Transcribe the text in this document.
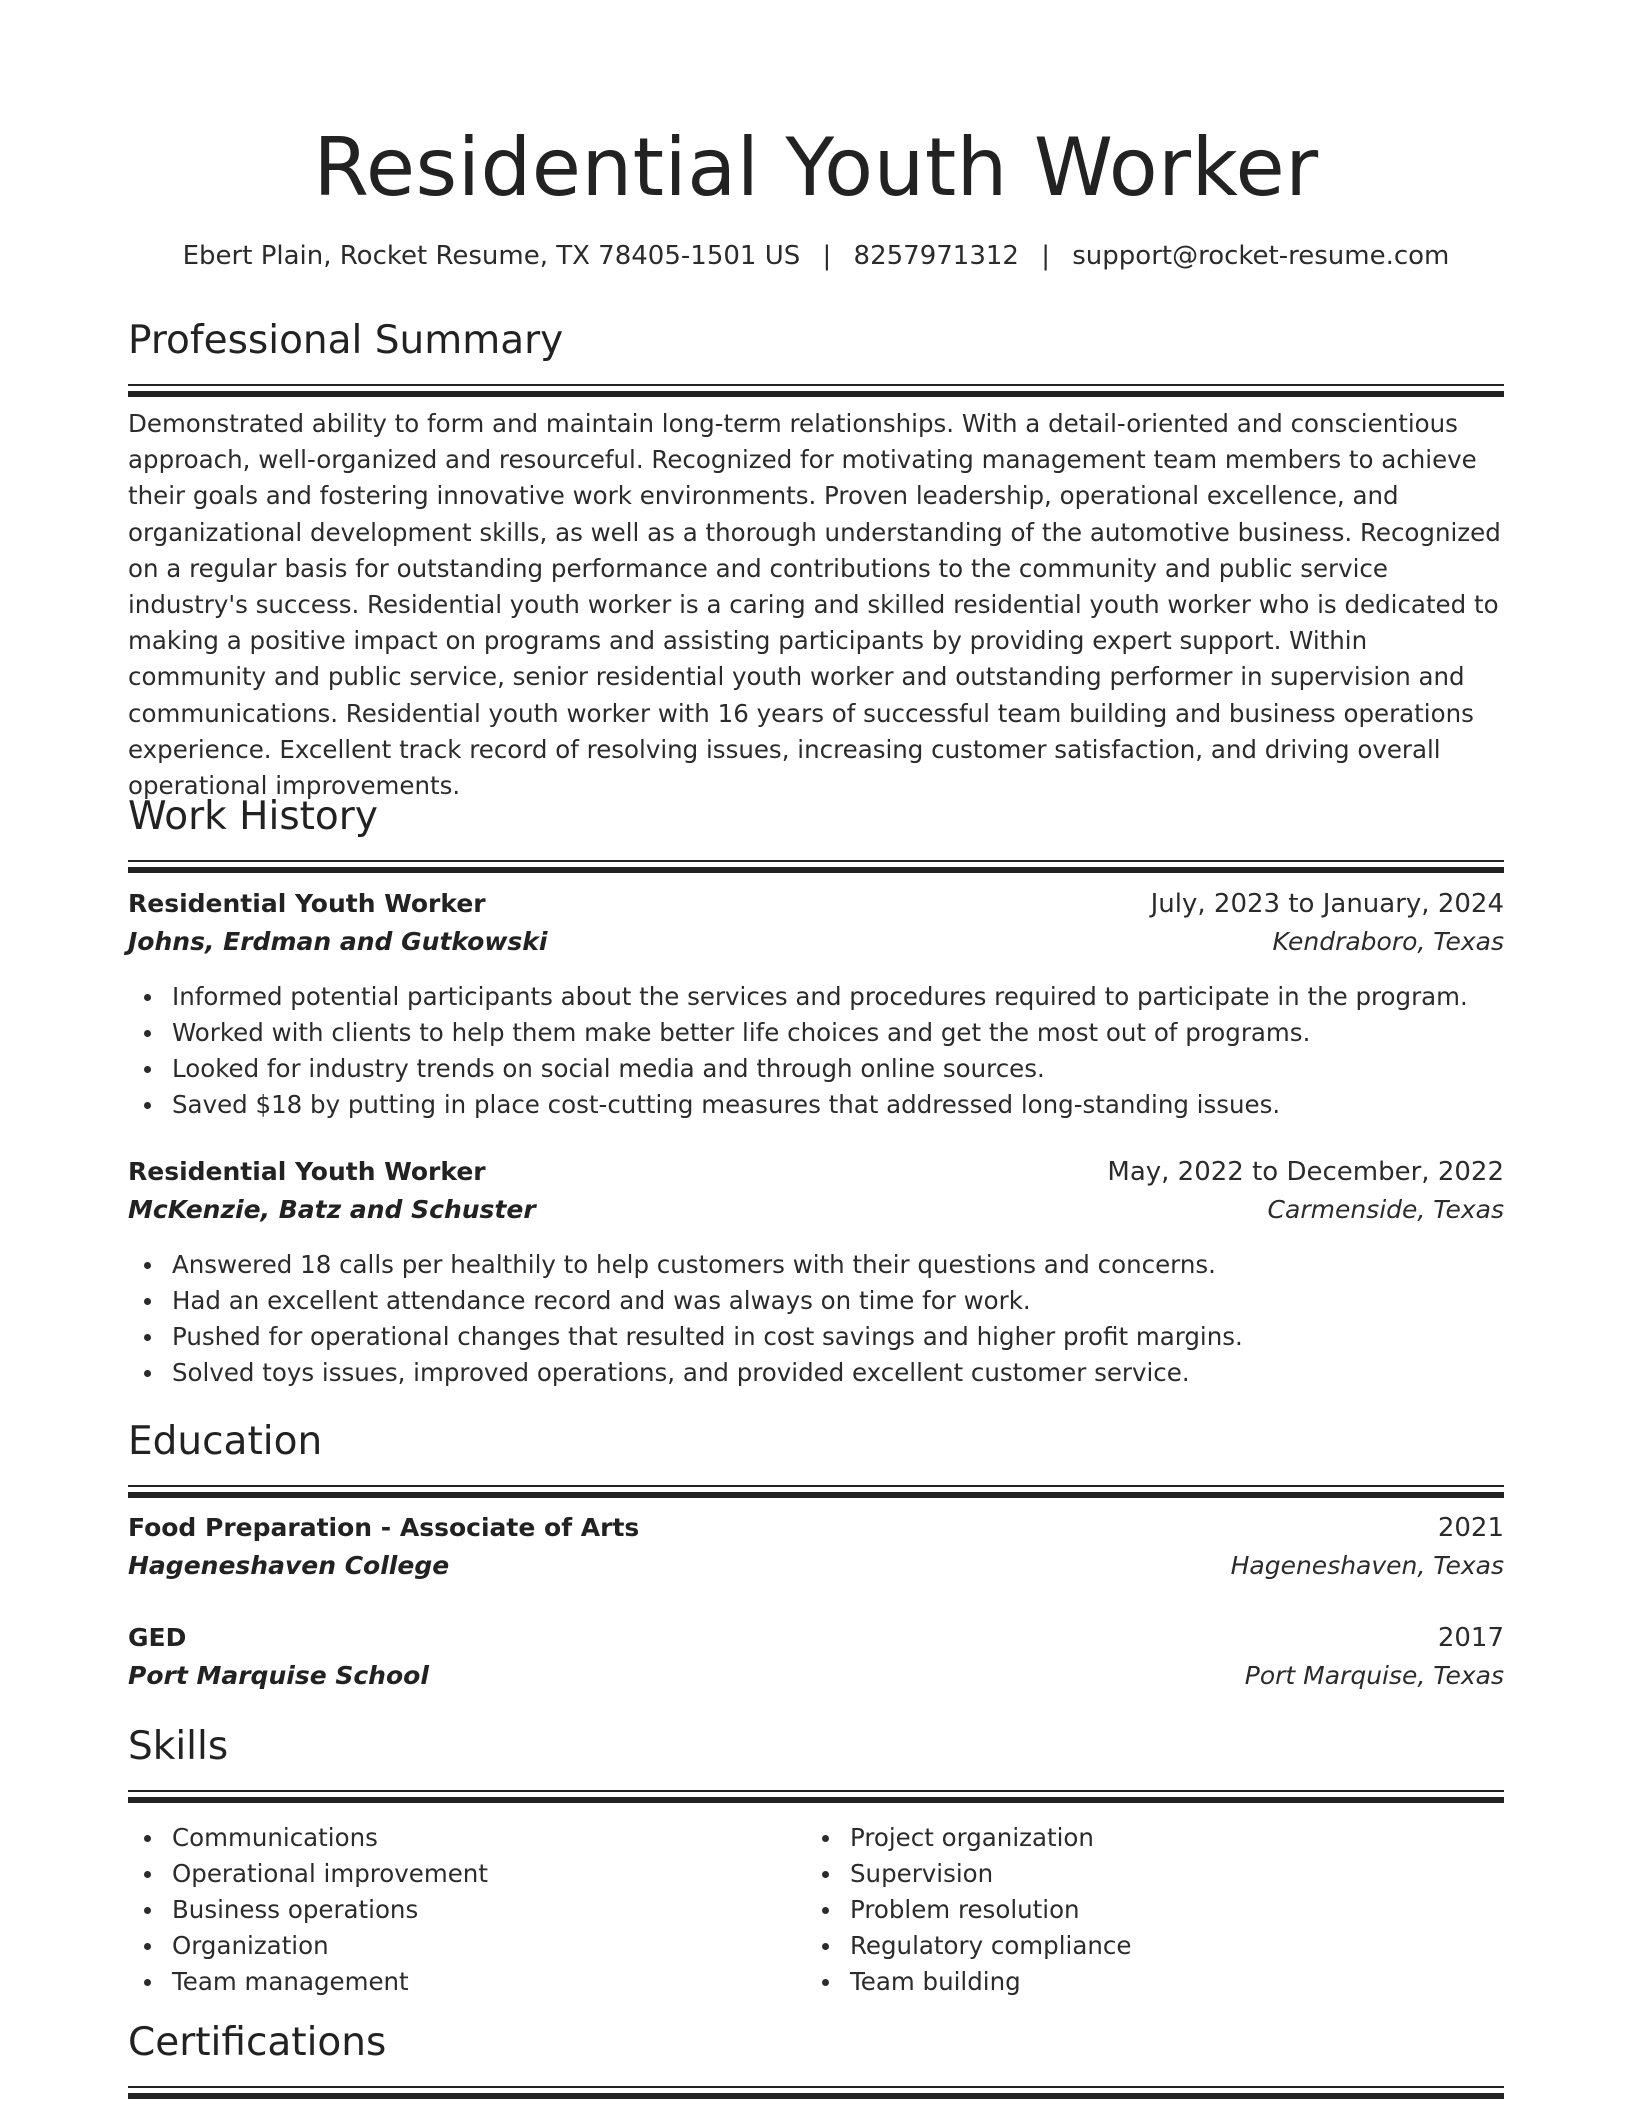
Residential Youth Worker
Ebert Plain, Rocket Resume, TX 78405-1501 US | 8257971312 | support@rocket-resume.com
Professional Summary

Demonstrated ability to form and maintain long-term relationships. With a detail-oriented and conscientious approach, well-organized and resourceful. Recognized for motivating management team members to achieve their goals and fostering innovative work environments. Proven leadership, operational excellence, and organizational development skills, as well as a thorough understanding of the automotive business. Recognized on a regular basis for outstanding performance and contributions to the community and public service industry's success. Residential youth worker is a caring and skilled residential youth worker who is dedicated to making a positive impact on programs and assisting participants by providing expert support. Within community and public service, senior residential youth worker and outstanding performer in supervision and communications. Residential youth worker with 16 years of successful team building and business operations experience. Excellent track record of resolving issues, increasing customer satisfaction, and driving overall operational improvements.

Work History
Residential Youth Worker	July, 2023 to January, 2024
Johns, Erdman and Gutkowski	Kendraboro, Texas
Informed potential participants about the services and procedures required to participate in the program.
Worked with clients to help them make better life choices and get the most out of programs.
Looked for industry trends on social media and through online sources.
Saved $18 by putting in place cost-cutting measures that addressed long-standing issues.
Residential Youth Worker	May, 2022 to December, 2022
McKenzie, Batz and Schuster	Carmenside, Texas
Answered 18 calls per healthily to help customers with their questions and concerns.
Had an excellent attendance record and was always on time for work.
Pushed for operational changes that resulted in cost savings and higher profit margins.
Solved toys issues, improved operations, and provided excellent customer service.
Education
Food Preparation - Associate of Arts	2021
Hageneshaven College	Hageneshaven, Texas
GED	2017
Port Marquise School	Port Marquise, Texas
Skills
Communications
Operational improvement
Business operations
Organization
Team management
Project organization
Supervision
Problem resolution
Regulatory compliance
Team building
Certifications
